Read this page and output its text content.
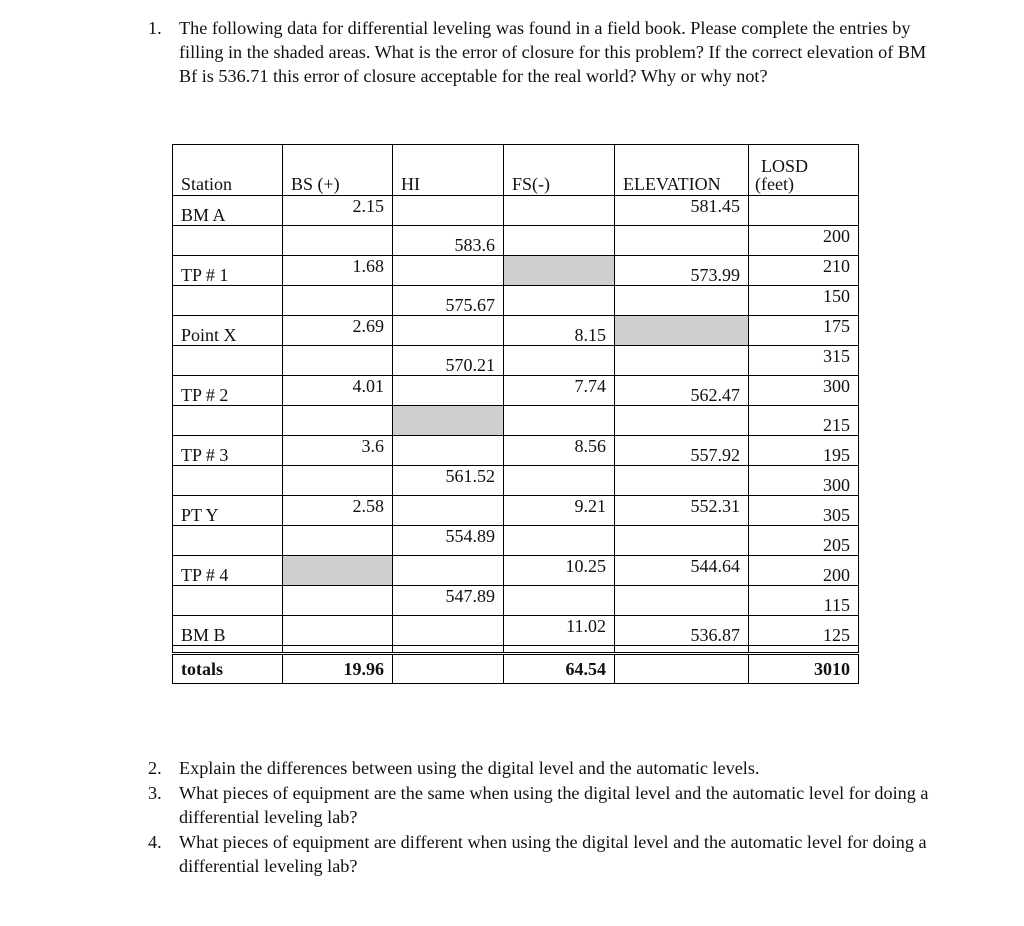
1. The following data for differential leveling was found in a field book. Please complete the entries by filling in the shaded areas. What is the error of closure for this problem? If the correct elevation of BM Bf is 536.71 this error of closure acceptable for the real world? Why or why not?
Station	BS (+)	HI	FS(-)	ELEVATION	LOSD
(feet)

BM A	2.15			581.45	
		583.6			200
TP # 1	1.68			573.99	210
		575.67			150
Point X	2.69		8.15		175
		570.21			315
TP # 2	4.01		7.74	562.47	300
					215
TP # 3	3.6		8.56	557.92	195
		561.52			300
PT Y	2.58		9.21	552.31	305
		554.89			205
TP # 4			10.25	544.64	200
		547.89			115
BM B			11.02	536.87	125

totals	19.96		64.54		3010
2. Explain the differences between using the digital level and the automatic levels.
3. What pieces of equipment are the same when using the digital level and the automatic level for doing a differential leveling lab?
4. What pieces of equipment are different when using the digital level and the automatic level for doing a differential leveling lab?
